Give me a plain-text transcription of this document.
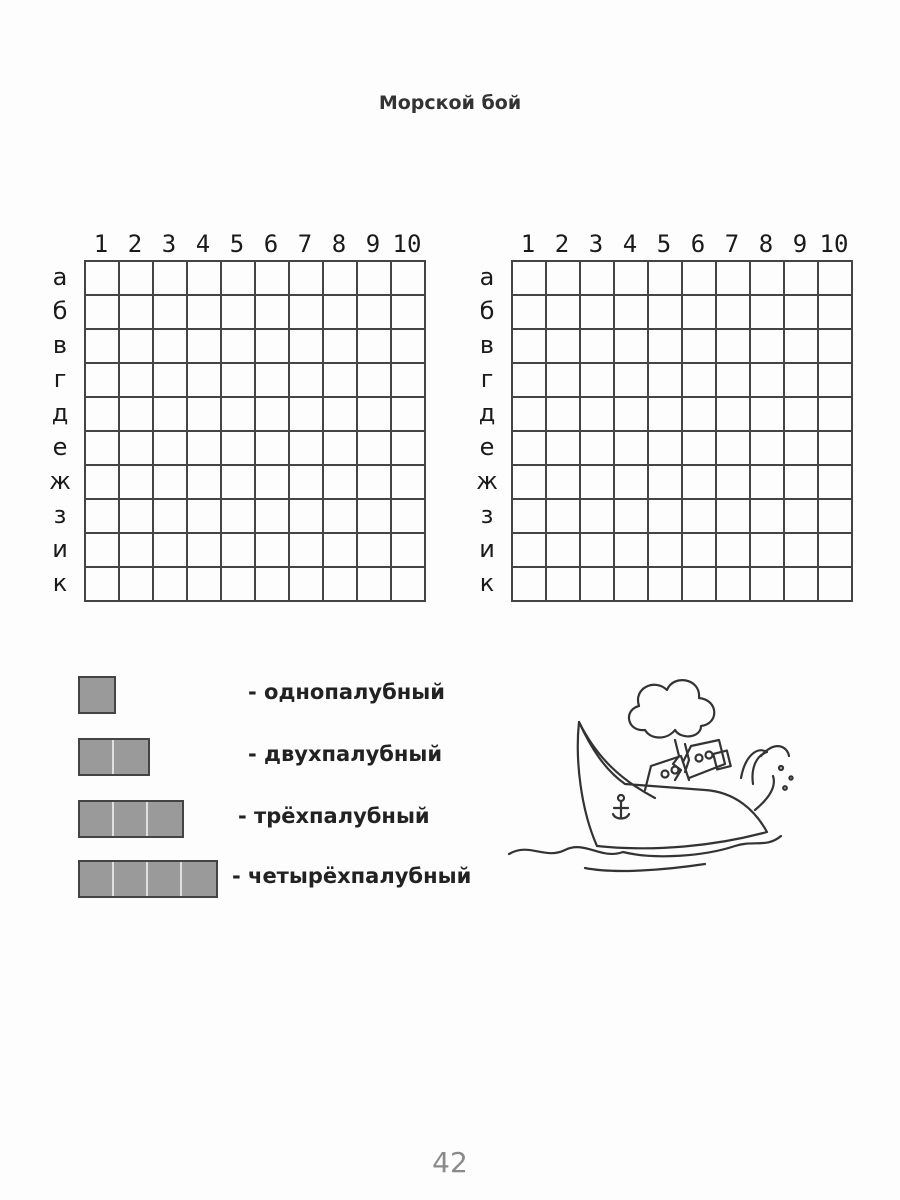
Морской бой
1 2 3 4 5 6 7 8 9 10
а
б
в
г
д
е
ж
з
и
к
1 2 3 4 5 6 7 8 9 10
а
б
в
г
д
е
ж
з
и
к
- однопалубный
- двухпалубный
- трёхпалубный
- четырёхпалубный
42
